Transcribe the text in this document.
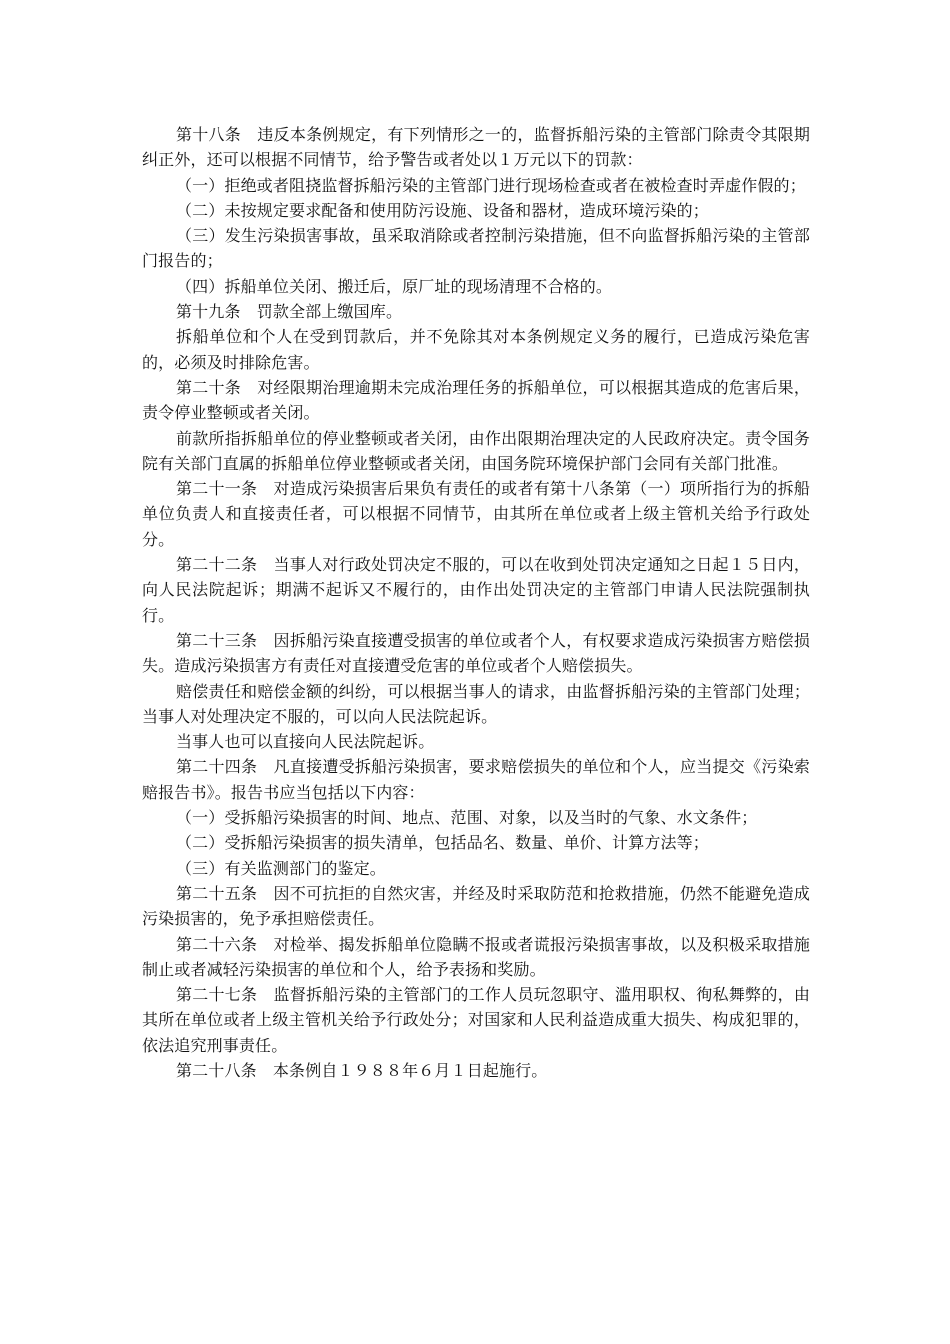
第十八条　违反本条例规定，有下列情形之一的，监督拆船污染的主管部门除责令其限期纠正外，还可以根据不同情节，给予警告或者处以１万元以下的罚款：

（一）拒绝或者阻挠监督拆船污染的主管部门进行现场检查或者在被检查时弄虚作假的；

（二）未按规定要求配备和使用防污设施、设备和器材，造成环境污染的；

（三）发生污染损害事故，虽采取消除或者控制污染措施，但不向监督拆船污染的主管部门报告的；

（四）拆船单位关闭、搬迁后，原厂址的现场清理不合格的。

第十九条　罚款全部上缴国库。

拆船单位和个人在受到罚款后，并不免除其对本条例规定义务的履行，已造成污染危害的，必须及时排除危害。

第二十条　对经限期治理逾期未完成治理任务的拆船单位，可以根据其造成的危害后果，责令停业整顿或者关闭。

前款所指拆船单位的停业整顿或者关闭，由作出限期治理决定的人民政府决定。责令国务院有关部门直属的拆船单位停业整顿或者关闭，由国务院环境保护部门会同有关部门批准。

第二十一条　对造成污染损害后果负有责任的或者有第十八条第（一）项所指行为的拆船单位负责人和直接责任者，可以根据不同情节，由其所在单位或者上级主管机关给予行政处分。

第二十二条　当事人对行政处罚决定不服的，可以在收到处罚决定通知之日起１５日内，向人民法院起诉；期满不起诉又不履行的，由作出处罚决定的主管部门申请人民法院强制执行。

第二十三条　因拆船污染直接遭受损害的单位或者个人，有权要求造成污染损害方赔偿损失。造成污染损害方有责任对直接遭受危害的单位或者个人赔偿损失。

赔偿责任和赔偿金额的纠纷，可以根据当事人的请求，由监督拆船污染的主管部门处理；当事人对处理决定不服的，可以向人民法院起诉。

当事人也可以直接向人民法院起诉。

第二十四条　凡直接遭受拆船污染损害，要求赔偿损失的单位和个人，应当提交《污染索赔报告书》。报告书应当包括以下内容：

（一）受拆船污染损害的时间、地点、范围、对象，以及当时的气象、水文条件；

（二）受拆船污染损害的损失清单，包括品名、数量、单价、计算方法等；

（三）有关监测部门的鉴定。

第二十五条　因不可抗拒的自然灾害，并经及时采取防范和抢救措施，仍然不能避免造成污染损害的，免予承担赔偿责任。

第二十六条　对检举、揭发拆船单位隐瞒不报或者谎报污染损害事故，以及积极采取措施制止或者减轻污染损害的单位和个人，给予表扬和奖励。

第二十七条　监督拆船污染的主管部门的工作人员玩忽职守、滥用职权、徇私舞弊的，由其所在单位或者上级主管机关给予行政处分；对国家和人民利益造成重大损失、构成犯罪的，依法追究刑事责任。

第二十八条　本条例自１９８８年６月１日起施行。
